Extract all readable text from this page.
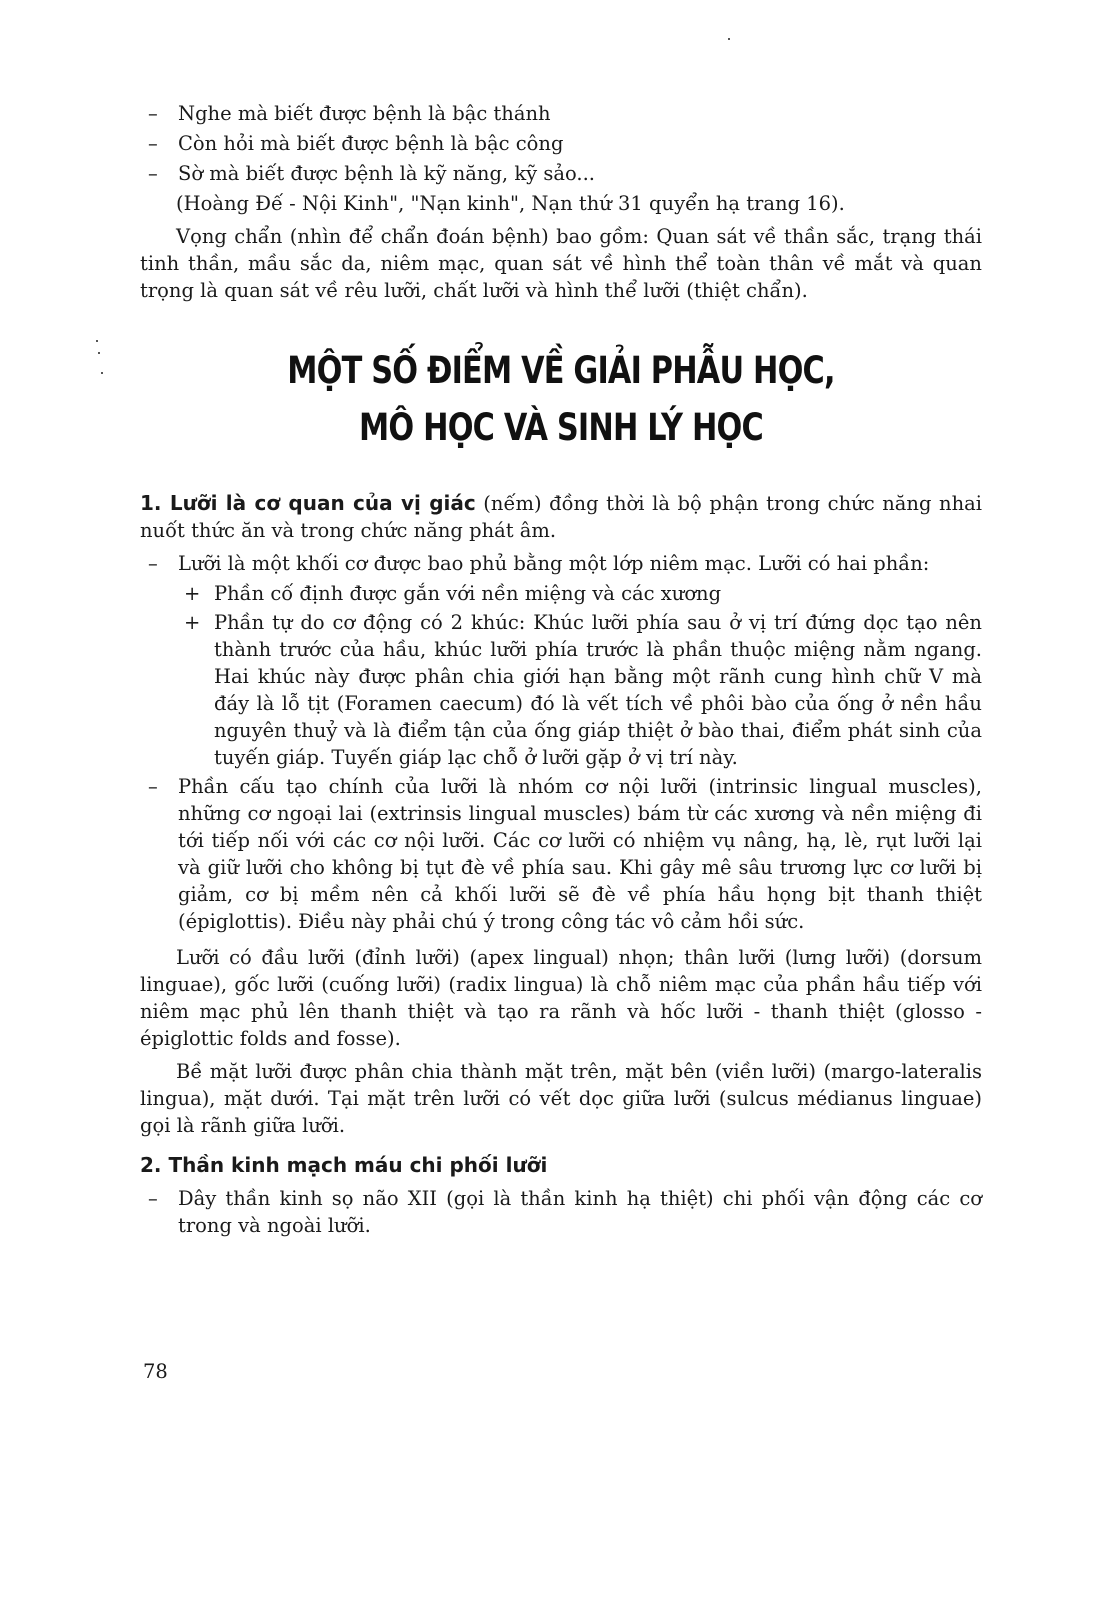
– Nghe mà biết được bệnh là bậc thánh

– Còn hỏi mà biết được bệnh là bậc công

– Sờ mà biết được bệnh là kỹ năng, kỹ sảo...

(Hoàng Đế - Nội Kinh", "Nạn kinh", Nạn thứ 31 quyển hạ trang 16).

Vọng chẩn (nhìn để chẩn đoán bệnh) bao gồm: Quan sát về thần sắc, trạng thái tinh thần, mầu sắc da, niêm mạc, quan sát về hình thể toàn thân về mắt và quan trọng là quan sát về rêu lưỡi, chất lưỡi và hình thể lưỡi (thiệt chẩn).

MỘT SỐ ĐIỂM VỀ GIẢI PHẪU HỌC,
MÔ HỌC VÀ SINH LÝ HỌC

1. Lưỡi là cơ quan của vị giác (nếm) đồng thời là bộ phận trong chức năng nhai nuốt thức ăn và trong chức năng phát âm.

– Lưỡi là một khối cơ được bao phủ bằng một lớp niêm mạc. Lưỡi có hai phần:

+ Phần cố định được gắn với nền miệng và các xương

+ Phần tự do cơ động có 2 khúc: Khúc lưỡi phía sau ở vị trí đứng dọc tạo nên thành trước của hầu, khúc lưỡi phía trước là phần thuộc miệng nằm ngang. Hai khúc này được phân chia giới hạn bằng một rãnh cung hình chữ V mà đáy là lỗ tịt (Foramen caecum) đó là vết tích về phôi bào của ống ở nền hầu nguyên thuỷ và là điểm tận của ống giáp thiệt ở bào thai, điểm phát sinh của tuyến giáp. Tuyến giáp lạc chỗ ở lưỡi gặp ở vị trí này.

– Phần cấu tạo chính của lưỡi là nhóm cơ nội lưỡi (intrinsic lingual muscles), những cơ ngoại lai (extrinsis lingual muscles) bám từ các xương và nền miệng đi tới tiếp nối với các cơ nội lưỡi. Các cơ lưỡi có nhiệm vụ nâng, hạ, lè, rụt lưỡi lại và giữ lưỡi cho không bị tụt đè về phía sau. Khi gây mê sâu trương lực cơ lưỡi bị giảm, cơ bị mềm nên cả khối lưỡi sẽ đè về phía hầu họng bịt thanh thiệt (épiglottis). Điều này phải chú ý trong công tác vô cảm hồi sức.

Lưỡi có đầu lưỡi (đỉnh lưỡi) (apex lingual) nhọn; thân lưỡi (lưng lưỡi) (dorsum linguae), gốc lưỡi (cuống lưỡi) (radix lingua) là chỗ niêm mạc của phần hầu tiếp với niêm mạc phủ lên thanh thiệt và tạo ra rãnh và hốc lưỡi - thanh thiệt (glosso - épiglottic folds and fosse).

Bề mặt lưỡi được phân chia thành mặt trên, mặt bên (viền lưỡi) (margo-lateralis lingua), mặt dưới. Tại mặt trên lưỡi có vết dọc giữa lưỡi (sulcus médianus linguae) gọi là rãnh giữa lưỡi.

2. Thần kinh mạch máu chi phối lưỡi

– Dây thần kinh sọ não XII (gọi là thần kinh hạ thiệt) chi phối vận động các cơ trong và ngoài lưỡi.

78
